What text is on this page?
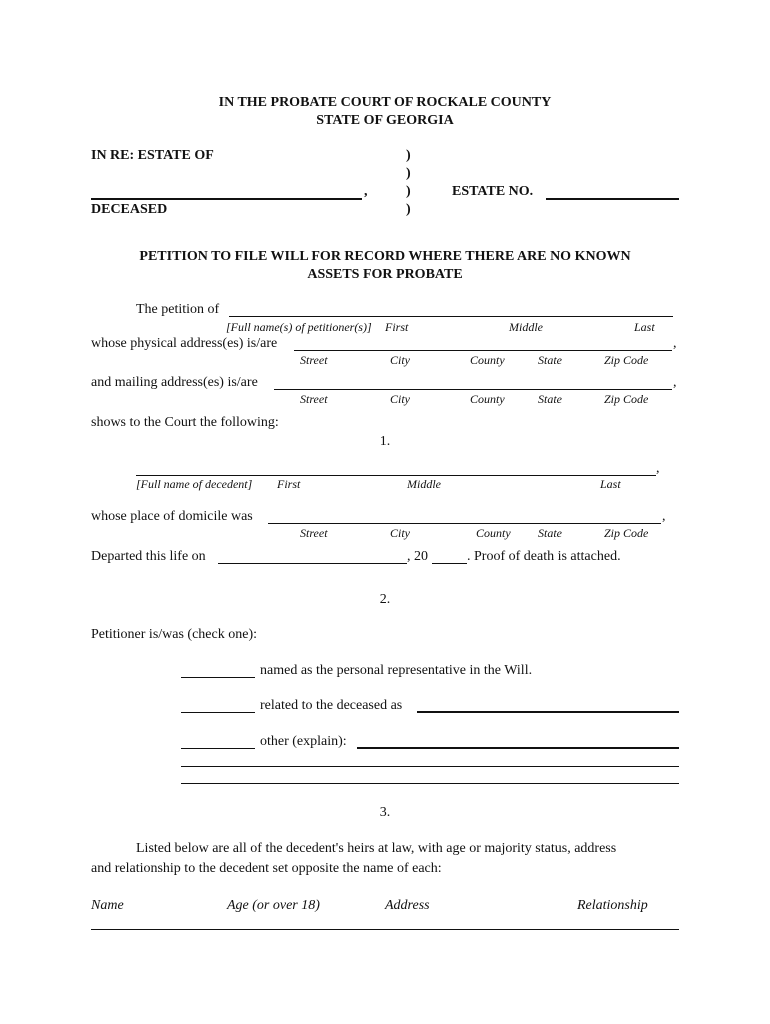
IN THE PROBATE COURT OF ROCKALE COUNTY
STATE OF GEORGIA
IN RE: ESTATE OF	)
)
)
)
,	ESTATE NO.
DECEASED
PETITION TO FILE WILL FOR RECORD WHERE THERE ARE NO KNOWN
ASSETS FOR PROBATE
The petition of
[Full name(s) of petitioner(s)] First	Middle	Last
whose physical address(es) is/are	,
Street	City	County	State	Zip Code
and mailing address(es) is/are	,
Street	City	County	State	Zip Code
shows to the Court the following:
1.
,
[Full name of decedent] First	Middle	Last
whose place of domicile was	,
Street	City	County State	Zip Code
Departed this life on	, 20	. Proof of death is attached.
2.
Petitioner is/was (check one):
named as the personal representative in the Will.
related to the deceased as
other (explain):
3.
Listed below are all of the decedent's heirs at law, with age or majority status, address
and relationship to the decedent set opposite the name of each:
Name	Age (or over 18)	Address	Relationship
